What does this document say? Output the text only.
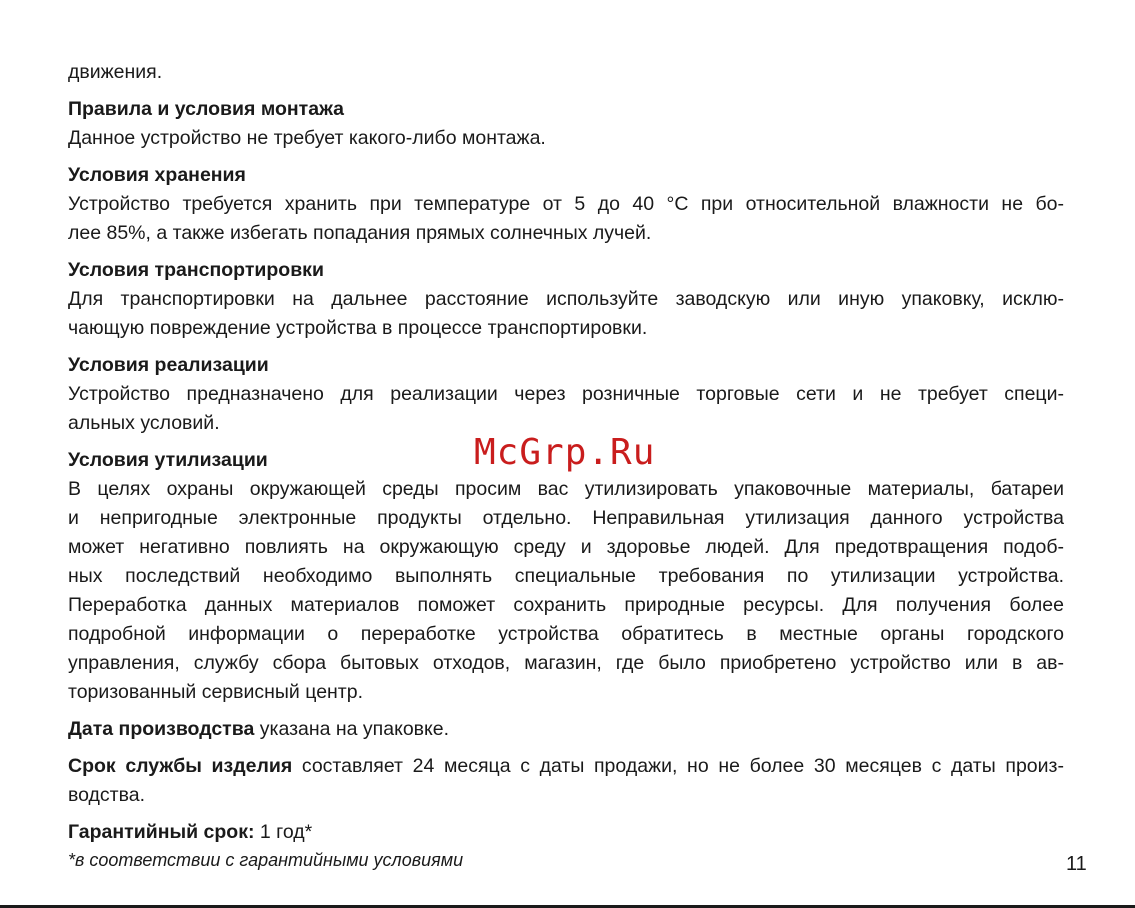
движения.
Правила и условия монтажа
Данное устройство не требует какого-либо монтажа.
Условия хранения
Устройство требуется хранить при температуре от 5 до 40 °С при относительной влажности не бо-
лее 85%, а также избегать попадания прямых солнечных лучей.
Условия транспортировки
Для транспортировки на дальнее расстояние используйте заводскую или иную упаковку, исклю-
чающую повреждение устройства в процессе транспортировки.
Условия реализации
Устройство предназначено для реализации через розничные торговые сети и не требует специ-
альных условий.
Условия утилизации
В целях охраны окружающей среды просим вас утилизировать упаковочные материалы, батареи
и непригодные электронные продукты отдельно. Неправильная утилизация данного устройства
может негативно повлиять на окружающую среду и здоровье людей. Для предотвращения подоб-
ных последствий необходимо выполнять специальные требования по утилизации устройства.
Переработка данных материалов поможет сохранить природные ресурсы. Для получения более
подробной информации о переработке устройства обратитесь в местные органы городского
управления, службу сбора бытовых отходов, магазин, где было приобретено устройство или в ав-
торизованный сервисный центр.
Дата производства указана на упаковке.
Срок службы изделия составляет 24 месяца с даты продажи, но не более 30 месяцев с даты произ-
водства.
Гарантийный срок: 1 год*
*в соответствии с гарантийными условиями
McGrp.Ru
11
